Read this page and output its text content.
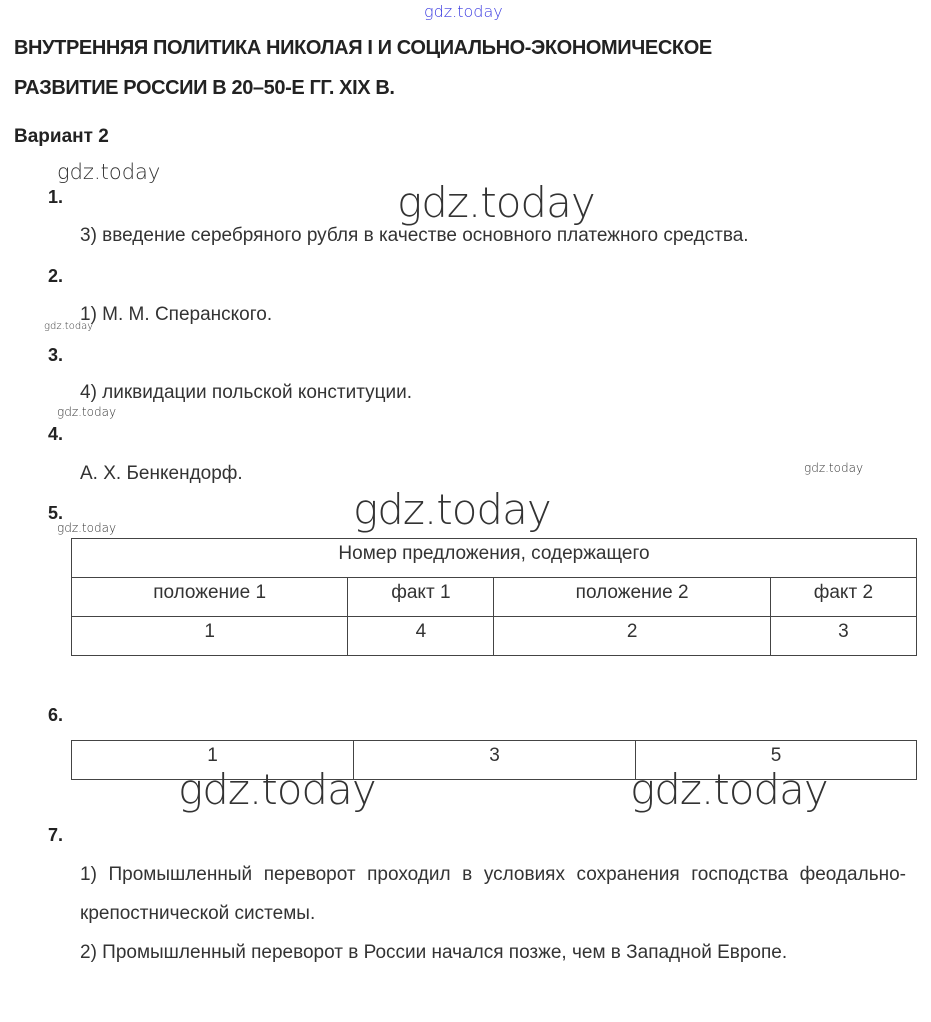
gdz.today
ВНУТРЕННЯЯ ПОЛИТИКА НИКОЛАЯ I И СОЦИАЛЬНО-ЭКОНОМИЧЕСКОЕ
РАЗВИТИЕ РОССИИ В 20–50-Е ГГ. XIX В.
Вариант 2
gdz.today
gdz.today
1.
3) введение серебряного рубля в качестве основного платежного средства.
2.
1) М. М. Сперанского.
gdz.today
3.
4) ликвидации польской конституции.
gdz.today
4.
А. Х. Бенкендорф.	gdz.today
gdz.today
5.
gdz.today
Номер предложения, содержащего			
положение 1	факт 1	положение 2	факт 2
1	4	2	3
6.
1	3	5
gdz.today	gdz.today
7.
1) Промышленный переворот проходил в условиях сохранения господства феодально-крепостнической системы.
2) Промышленный переворот в России начался позже, чем в Западной Европе.
